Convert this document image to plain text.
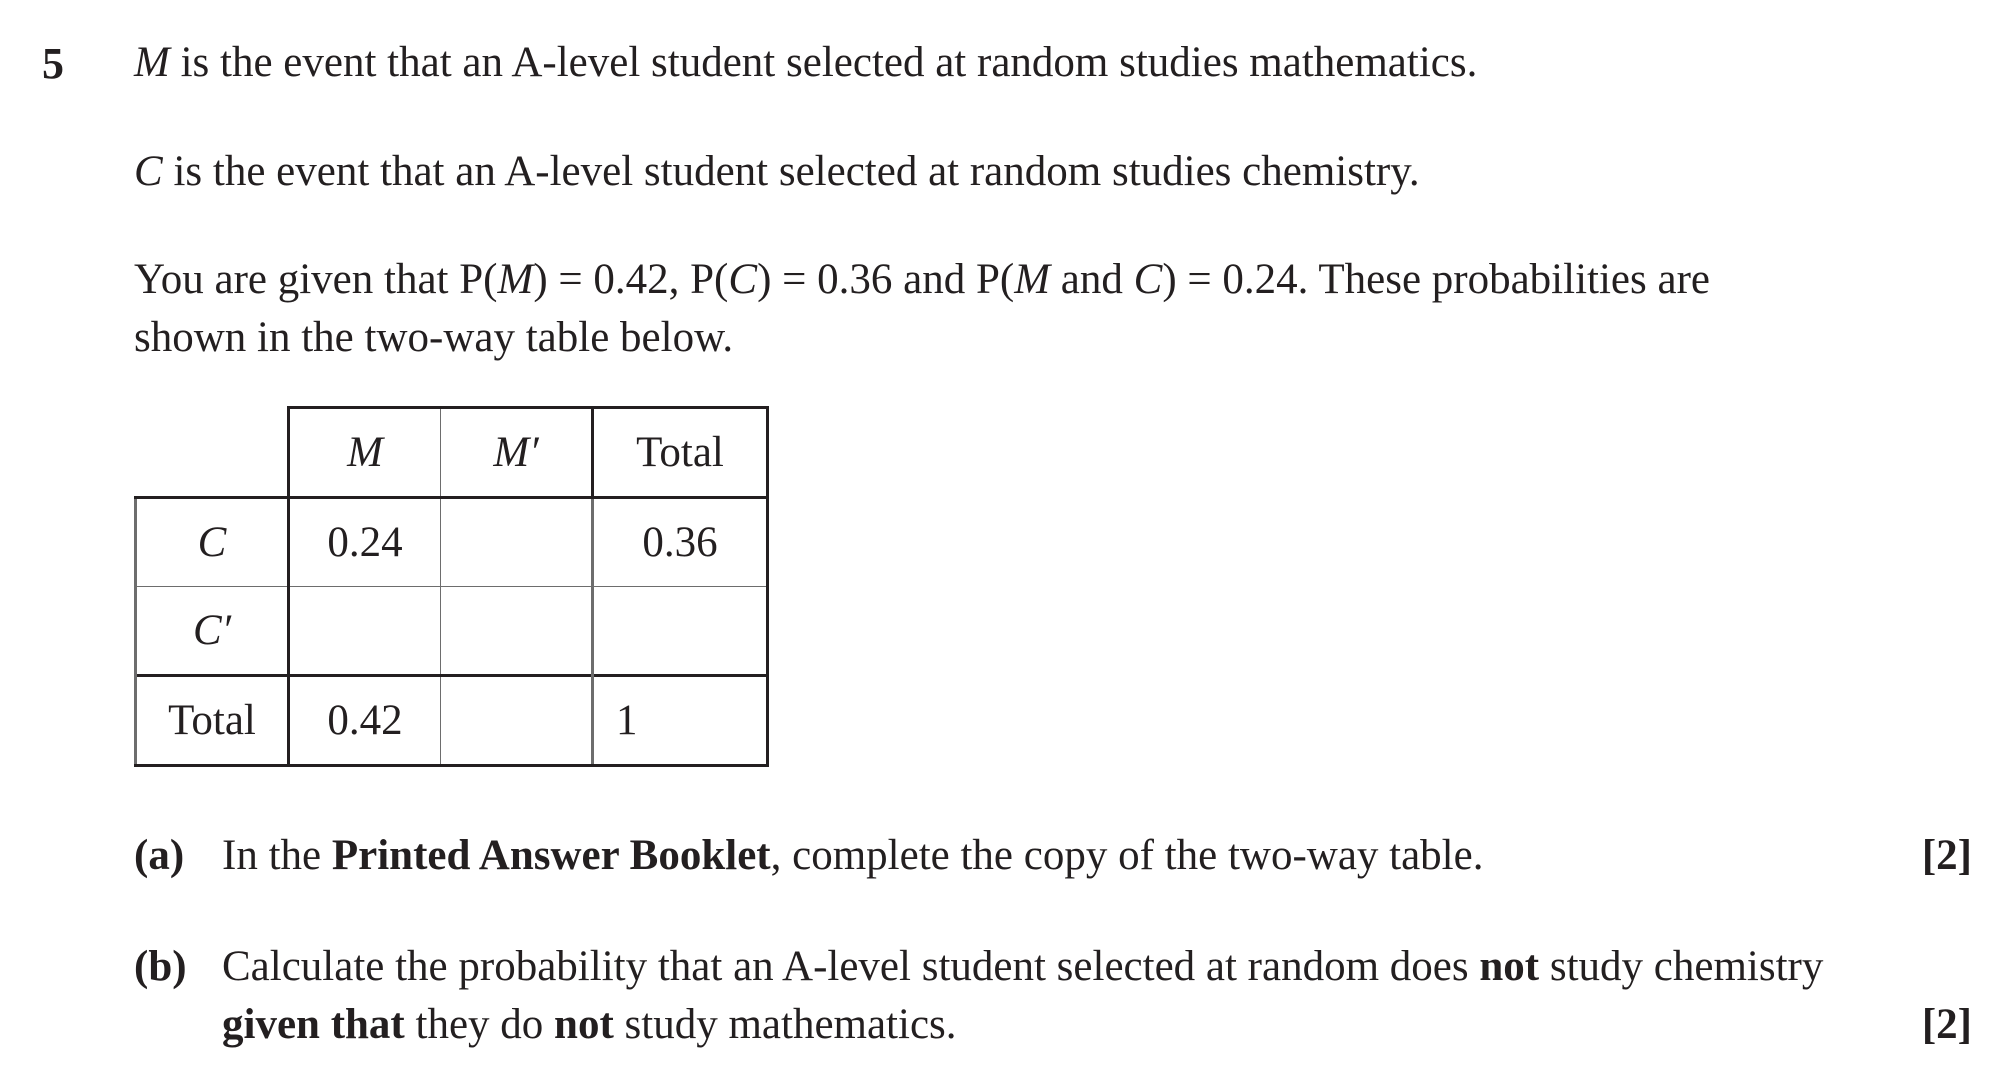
5 M is the event that an A-level student selected at random studies mathematics.

C is the event that an A-level student selected at random studies chemistry.

You are given that P(M) = 0.42, P(C) = 0.36 and P(M and C) = 0.24. These probabilities are
shown in the two-way table below.

	M	M′	Total
C	0.24		0.36
C′			
Total	0.42		1
(a) In the Printed Answer Booklet, complete the copy of the two-way table.	[2]
(b) Calculate the probability that an A-level student selected at random does not study chemistry
given that they do not study mathematics.	[2]
